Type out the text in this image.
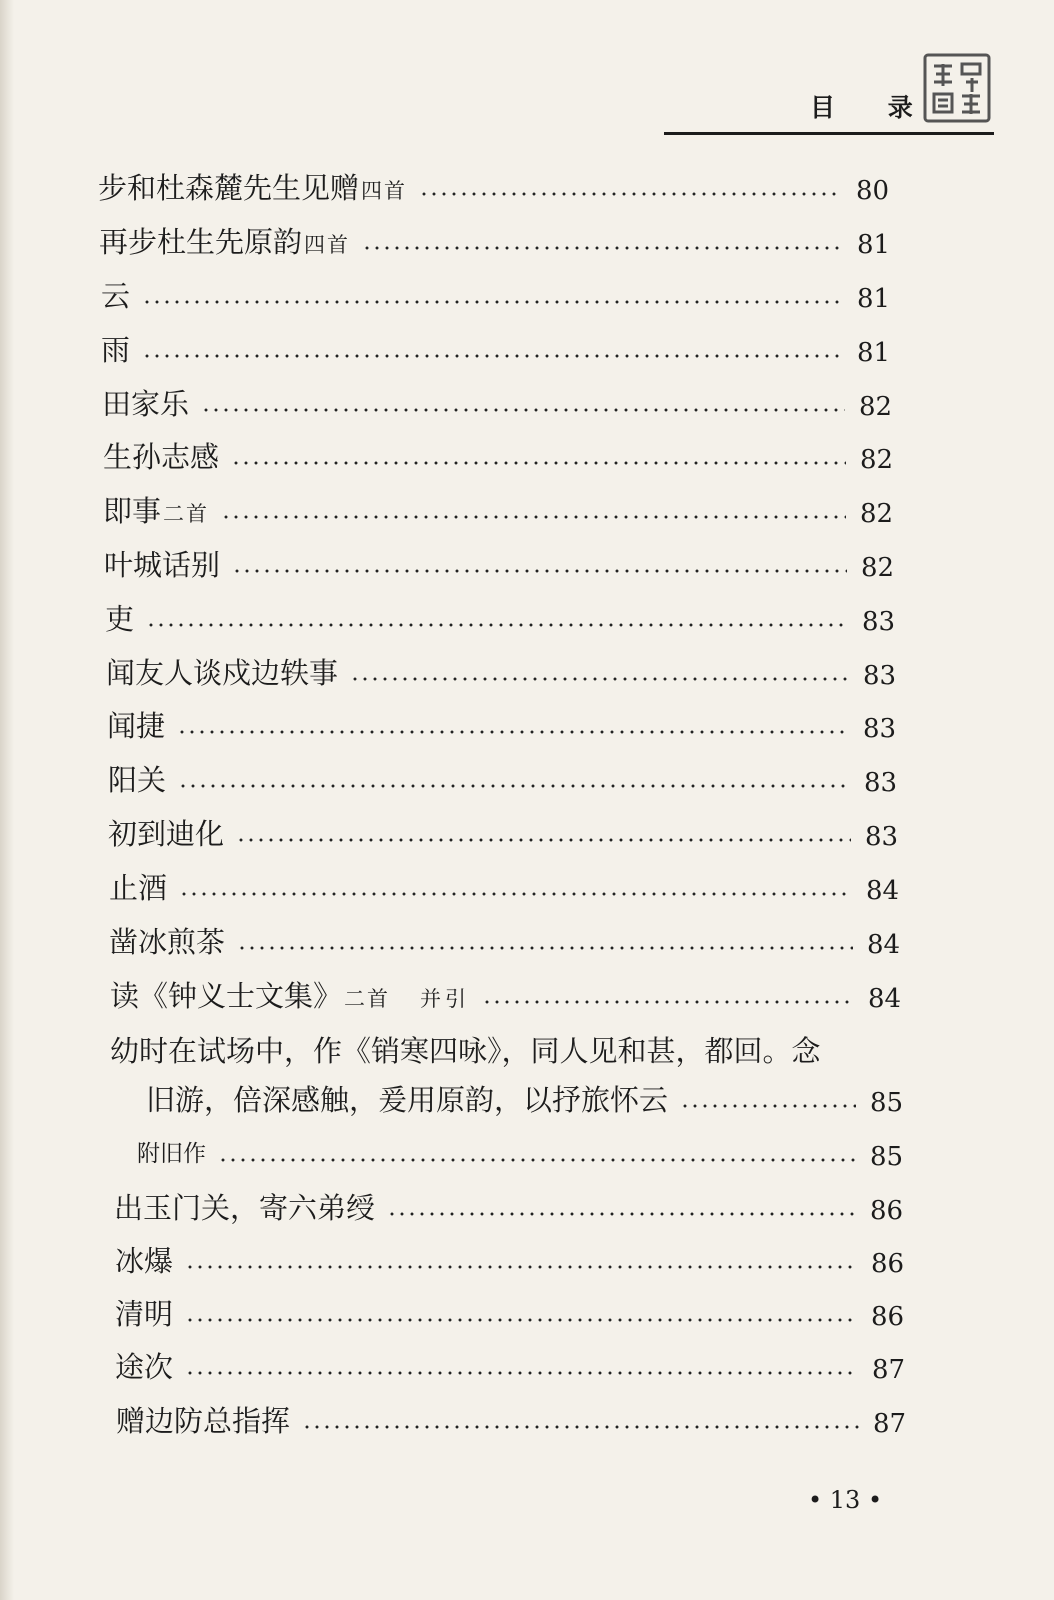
目 录
步和杜森麓先生见赠 四首	80
再步杜生先原韵 四首	81
云	81
雨	81
田家乐	82
生孙志感	82
即事 二首	82
叶城话别	82
吏	83
闻友人谈戍边轶事	83
闻捷	83
阳关	83
初到迪化	83
止酒	84
凿冰煎茶	84
读《钟义士文集》 二首 并引	84
幼时在试场中，作《销寒四咏》，同人见和甚，都回。念
旧游，倍深感触，爰用原韵，以抒旅怀云	85
附旧作	85
出玉门关，寄六弟绶	86
冰爆	86
清明	86
途次	87
赠边防总指挥	87
• 13 •
